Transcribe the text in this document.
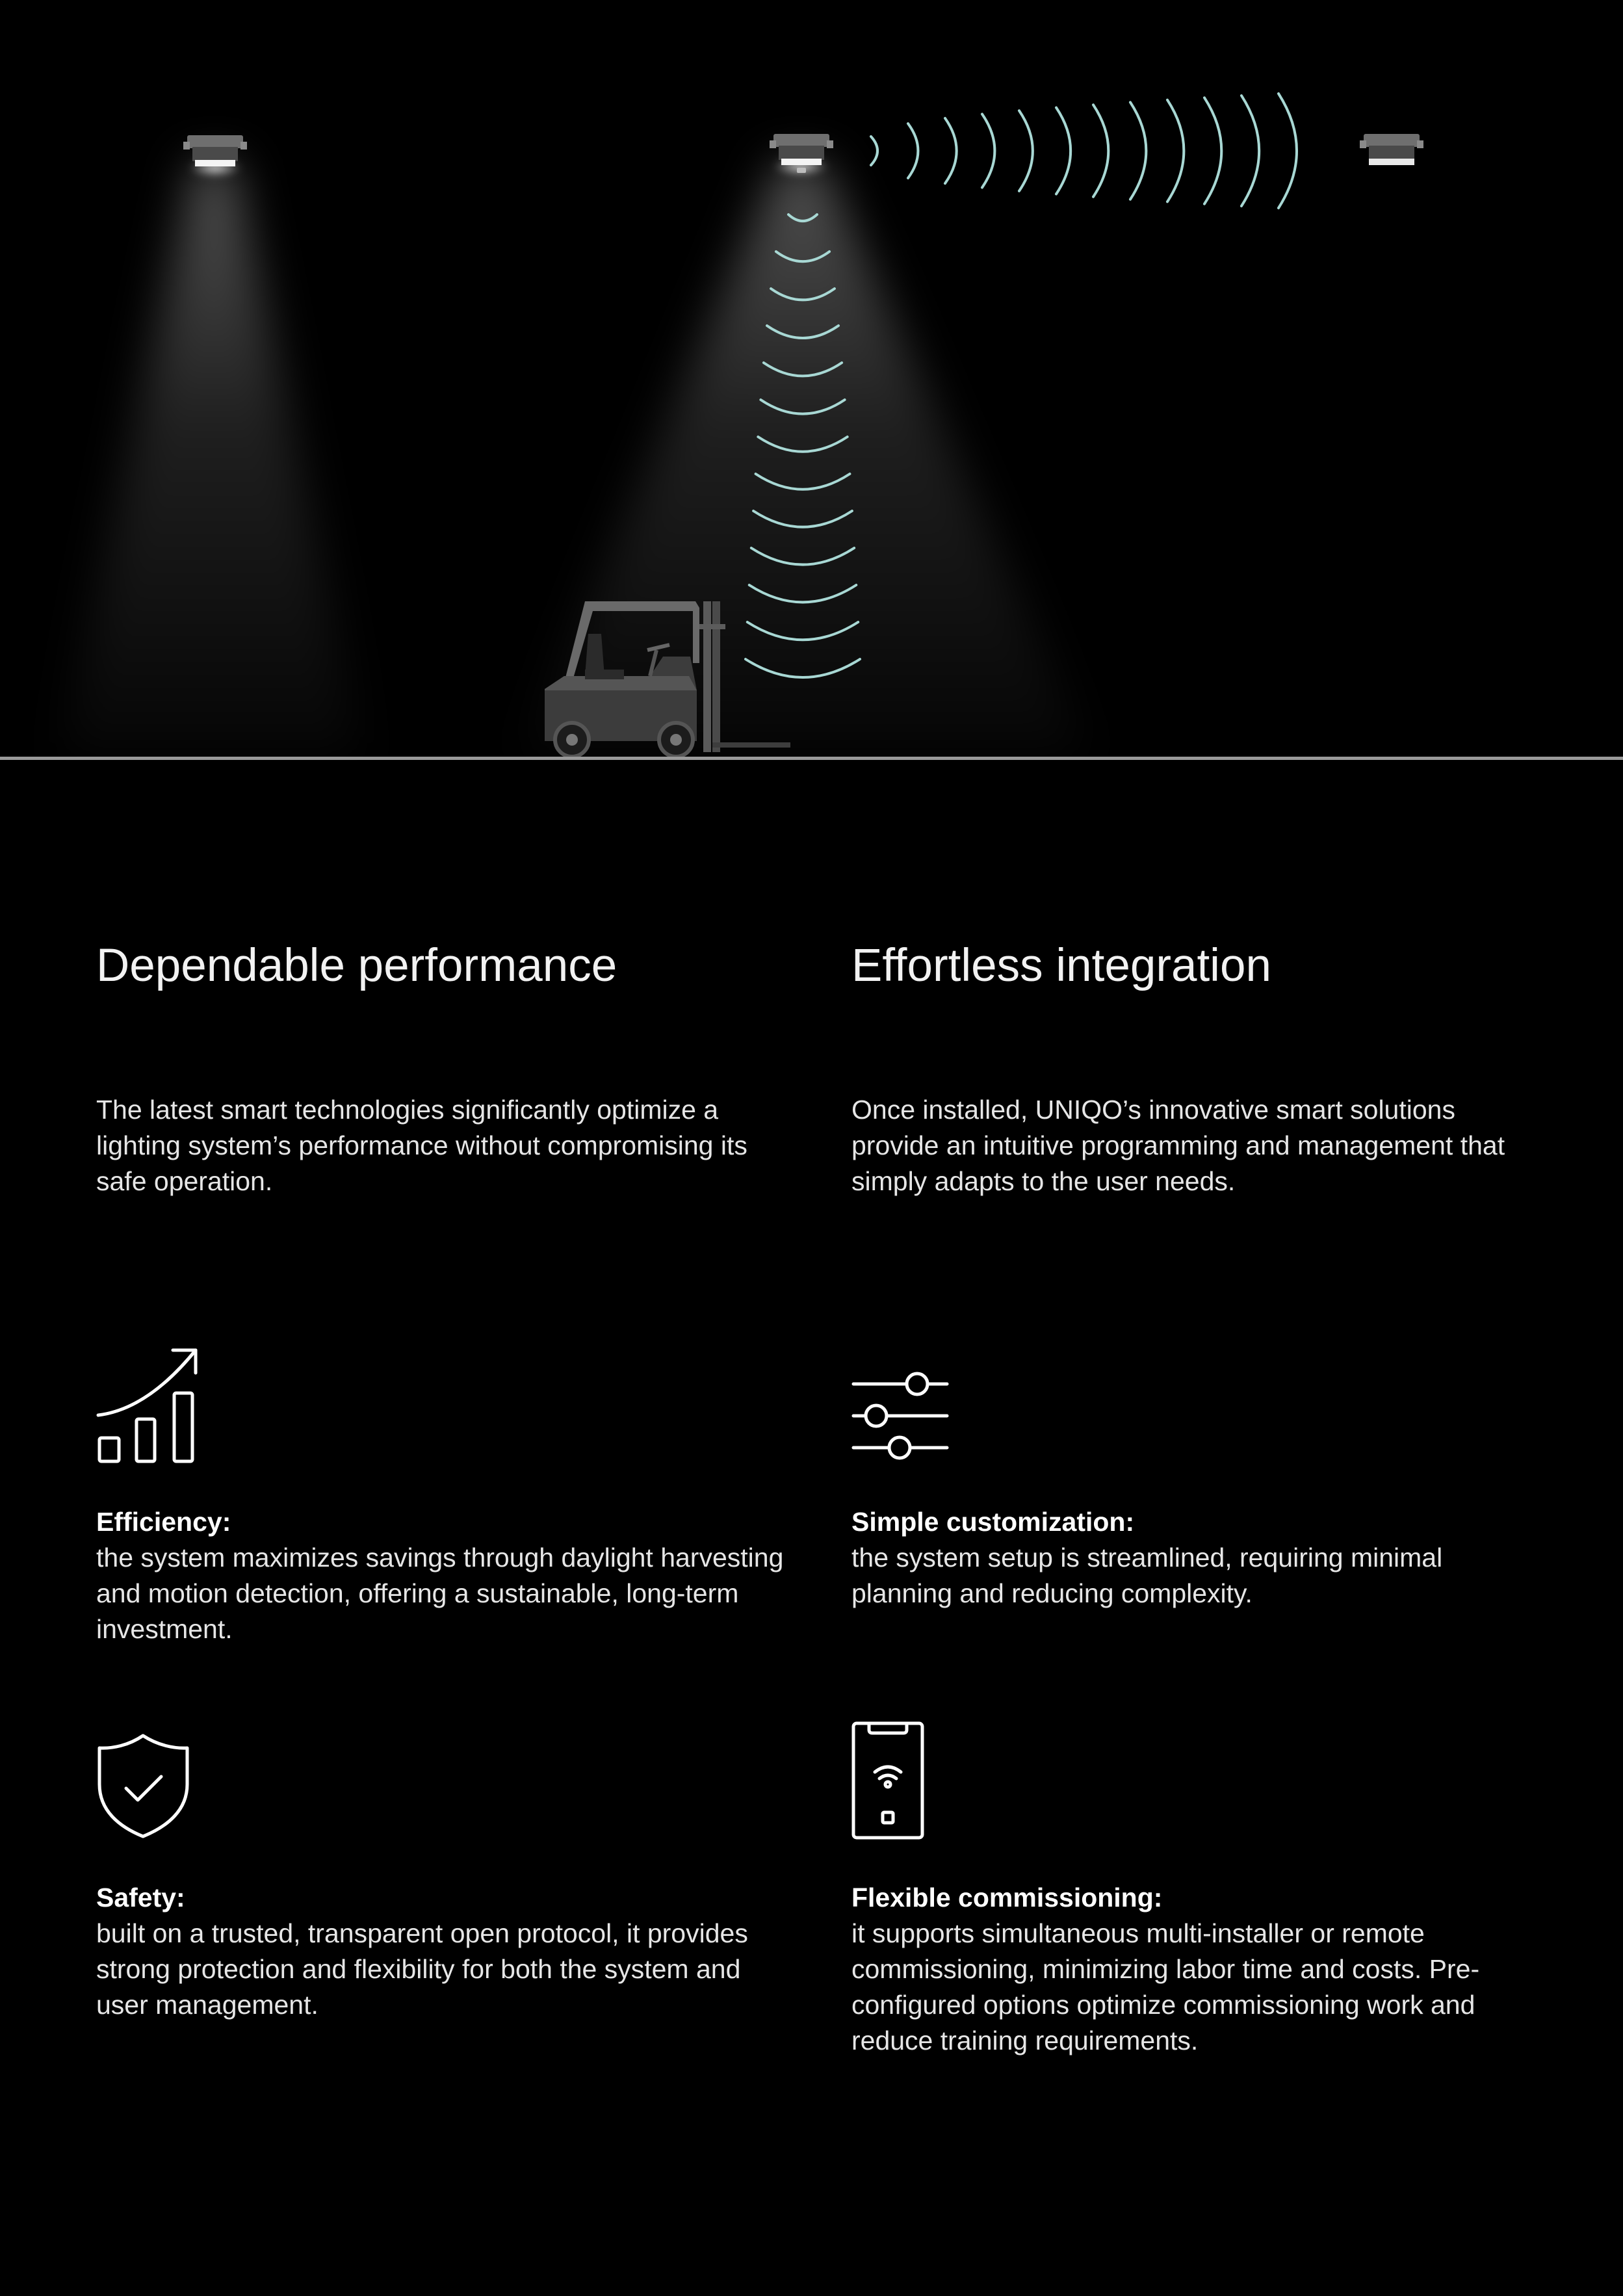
Dependable performance
The latest smart technologies significantly optimize a lighting system’s performance without compromising its safe operation.
Efficiency:
the system maximizes savings through daylight harvesting and motion detection, offering a sustainable, long-term investment.
Safety:
built on a trusted, transparent open protocol, it provides strong protection and flexibility for both the system and user management.
Effortless integration
Once installed, UNIQO’s innovative smart solutions provide an intuitive programming and management that simply adapts to the user needs.
Simple customization:
the system setup is streamlined, requiring minimal planning and reducing complexity.
Flexible commissioning:
it supports simultaneous multi-installer or remote commissioning, minimizing labor time and costs. Pre-configured options optimize commissioning work and reduce training requirements.
